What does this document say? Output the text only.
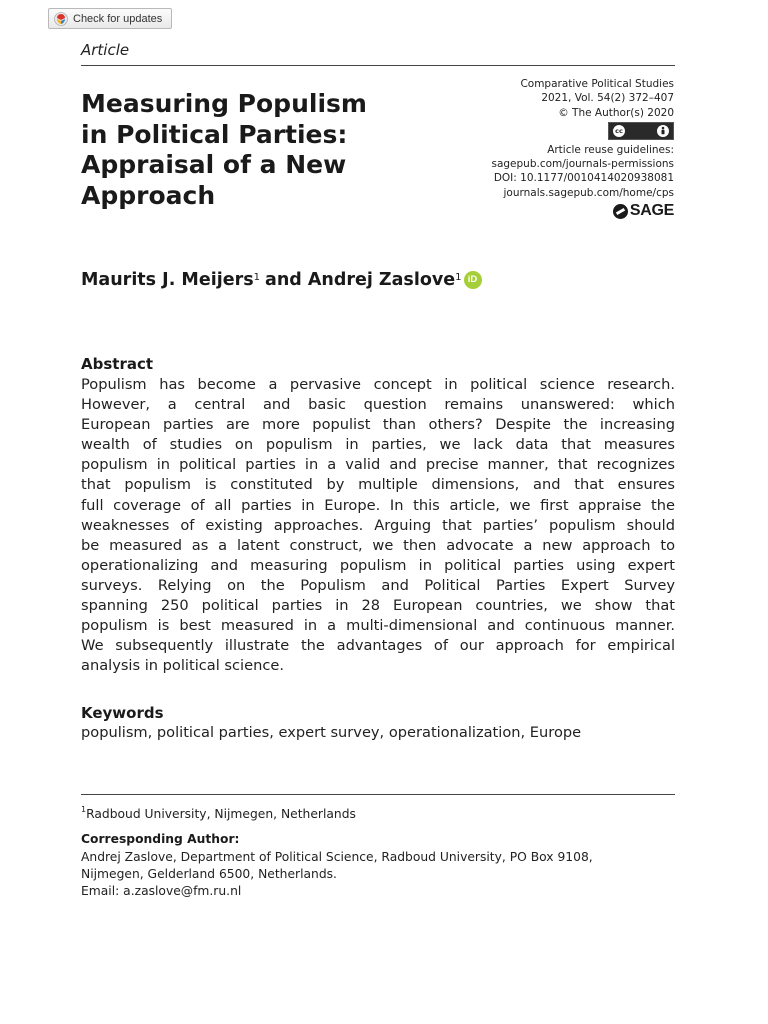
Check for updates
Article
Measuring Populism in Political Parties: Appraisal of a New Approach
Comparative Political Studies
2021, Vol. 54(2) 372–407
© The Author(s) 2020
cc
Article reuse guidelines:
sagepub.com/journals-permissions
DOI: 10.1177/0010414020938081
journals.sagepub.com/home/cps
SAGE
Maurits J. Meijers$^1$ and Andrej Zaslove$^1$ iD
Abstract

Populism has become a pervasive concept in political science research.
However, a central and basic question remains unanswered: which
European parties are more populist than others? Despite the increasing
wealth of studies on populism in parties, we lack data that measures
populism in political parties in a valid and precise manner, that recognizes
that populism is constituted by multiple dimensions, and that ensures
full coverage of all parties in Europe. In this article, we first appraise the
weaknesses of existing approaches. Arguing that parties’ populism should
be measured as a latent construct, we then advocate a new approach to
operationalizing and measuring populism in political parties using expert
surveys. Relying on the Populism and Political Parties Expert Survey
spanning 250 political parties in 28 European countries, we show that
populism is best measured in a multi-dimensional and continuous manner.
We subsequently illustrate the advantages of our approach for empirical
analysis in political science.

Keywords
populism, political parties, expert survey, operationalization, Europe
$^1$Radboud University, Nijmegen, Netherlands
Corresponding Author:
Andrej Zaslove, Department of Political Science, Radboud University, PO Box 9108,
Nijmegen, Gelderland 6500, Netherlands.
Email: a.zaslove@fm.ru.nl
